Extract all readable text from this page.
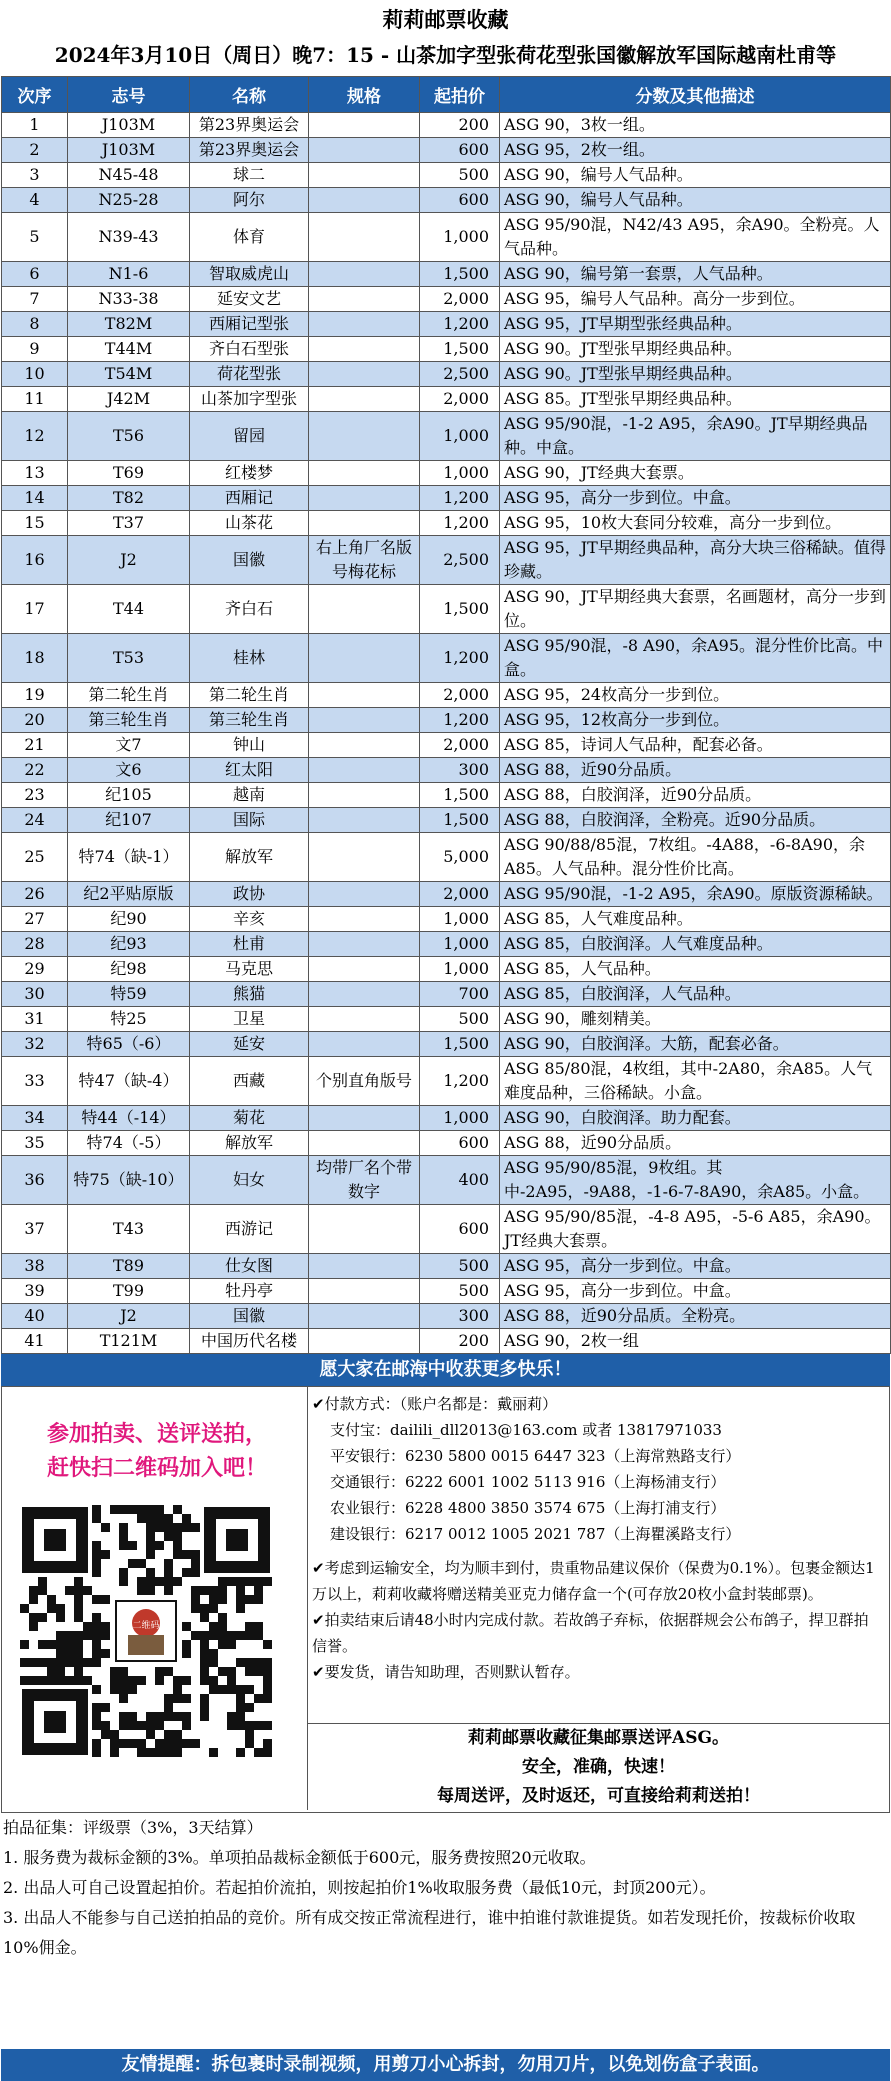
莉莉邮票收藏
2024年3月10日（周日）晚7：15 - 山茶加字型张荷花型张国徽解放军国际越南杜甫等
次序	志号	名称	规格	起拍价	分数及其他描述
1	J103M	第23界奥运会		200	ASG 90，3枚一组。
2	J103M	第23界奥运会		600	ASG 95，2枚一组。
3	N45-48	球二		500	ASG 90，编号人气品种。
4	N25-28	阿尔		600	ASG 90，编号人气品种。
5	N39-43	体育		1,000	ASG 95/90混，N42/43 A95，余A90。全粉亮。人气品种。
6	N1-6	智取威虎山		1,500	ASG 90，编号第一套票，人气品种。
7	N33-38	延安文艺		2,000	ASG 95，编号人气品种。高分一步到位。
8	T82M	西厢记型张		1,200	ASG 95，JT早期型张经典品种。
9	T44M	齐白石型张		1,500	ASG 90。JT型张早期经典品种。
10	T54M	荷花型张		2,500	ASG 90。JT型张早期经典品种。
11	J42M	山茶加字型张		2,000	ASG 85。JT型张早期经典品种。
12	T56	留园		1,000	ASG 95/90混，-1-2 A95，余A90。JT早期经典品种。中盒。
13	T69	红楼梦		1,000	ASG 90，JT经典大套票。
14	T82	西厢记		1,200	ASG 95，高分一步到位。中盒。
15	T37	山茶花		1,200	ASG 95，10枚大套同分较难，高分一步到位。
16	J2	国徽	右上角厂名版号梅花标	2,500	ASG 95，JT早期经典品种，高分大块三俗稀缺。值得珍藏。
17	T44	齐白石		1,500	ASG 90，JT早期经典大套票，名画题材，高分一步到位。
18	T53	桂林		1,200	ASG 95/90混，-8 A90，余A95。混分性价比高。中盒。
19	第二轮生肖	第二轮生肖		2,000	ASG 95，24枚高分一步到位。
20	第三轮生肖	第三轮生肖		1,200	ASG 95，12枚高分一步到位。
21	文7	钟山		2,000	ASG 85，诗词人气品种，配套必备。
22	文6	红太阳		300	ASG 88，近90分品质。
23	纪105	越南		1,500	ASG 88，白胶润泽，近90分品质。
24	纪107	国际		1,500	ASG 88，白胶润泽，全粉亮。近90分品质。
25	特74（缺-1）	解放军		5,000	ASG 90/88/85混，7枚组。-4A88，-6-8A90，余A85。人气品种。混分性价比高。
26	纪2平贴原版	政协		2,000	ASG 95/90混，-1-2 A95，余A90。原版资源稀缺。
27	纪90	辛亥		1,000	ASG 85，人气难度品种。
28	纪93	杜甫		1,000	ASG 85，白胶润泽。人气难度品种。
29	纪98	马克思		1,000	ASG 85，人气品种。
30	特59	熊猫		700	ASG 85，白胶润泽，人气品种。
31	特25	卫星		500	ASG 90，雕刻精美。
32	特65（-6）	延安		1,500	ASG 90，白胶润泽。大筋，配套必备。
33	特47（缺-4）	西藏	个别直角版号	1,200	ASG 85/80混，4枚组，其中-2A80，余A85。人气难度品种，三俗稀缺。小盒。
34	特44（-14）	菊花		1,000	ASG 90，白胶润泽。助力配套。
35	特74（-5）	解放军		600	ASG 88，近90分品质。
36	特75（缺-10）	妇女	均带厂名个带数字	400	ASG 95/90/85混，9枚组。其中-2A95，-9A88，-1-6-7-8A90，余A85。小盒。
37	T43	西游记		600	ASG 95/90/85混，-4-8 A95，-5-6 A85，余A90。JT经典大套票。
38	T89	仕女图		500	ASG 95，高分一步到位。中盒。
39	T99	牡丹亭		500	ASG 95，高分一步到位。中盒。
40	J2	国徽		300	ASG 88，近90分品质。全粉亮。
41	T121M	中国历代名楼		200	ASG 90，2枚一组
愿大家在邮海中收获更多快乐！
参加拍卖、送评送拍，
赶快扫二维码加入吧！
二维码
✔付款方式：（账户名都是：戴丽莉）
支付宝：dailili_dll2013@163.com 或者 13817971033
平安银行：6230 5800 0015 6447 323（上海常熟路支行）
交通银行：6222 6001 1002 5113 916（上海杨浦支行）
农业银行：6228 4800 3850 3574 675（上海打浦支行）
建设银行：6217 0012 1005 2021 787（上海瞿溪路支行）
✔考虑到运输安全，均为顺丰到付，贵重物品建议保价（保费为0.1%）。包裹金额达1万以上，莉莉收藏将赠送精美亚克力储存盒一个(可存放20枚小盒封装邮票)。
✔拍卖结束后请48小时内完成付款。若故鸽子弃标，依据群规会公布鸽子，捍卫群拍信誉。
✔要发货，请告知助理，否则默认暂存。
莉莉邮票收藏征集邮票送评ASG。
安全，准确，快速！
每周送评，及时返还，可直接给莉莉送拍！
拍品征集：评级票（3%，3天结算）
1. 服务费为裁标金额的3%。单项拍品裁标金额低于600元，服务费按照20元收取。
2. 出品人可自己设置起拍价。若起拍价流拍，则按起拍价1%收取服务费（最低10元，封顶200元）。
3. 出品人不能参与自己送拍拍品的竞价。所有成交按正常流程进行，谁中拍谁付款谁提货。如若发现托价，按裁标价收取10%佣金。
友情提醒：拆包裹时录制视频，用剪刀小心拆封，勿用刀片，以免划伤盒子表面。
